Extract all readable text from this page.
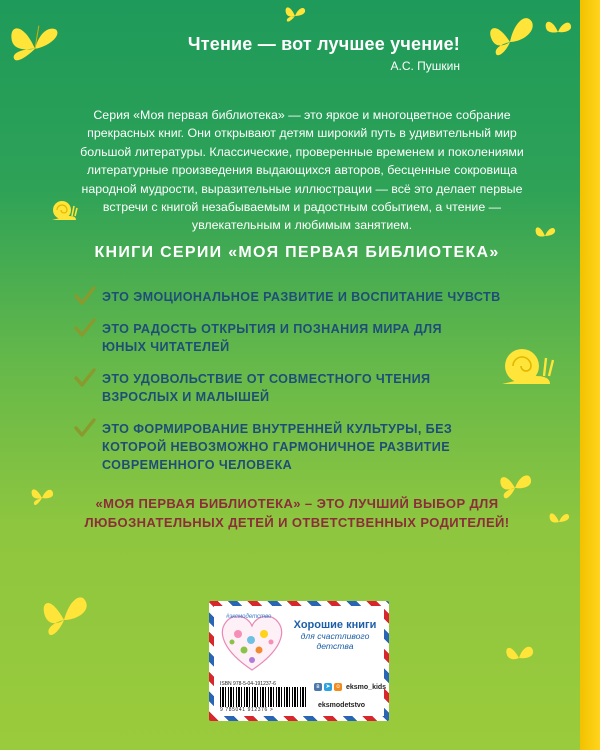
Чтение — вот лучшее учение!
А.С. Пушкин
Серия «Моя первая библиотека» — это яркое и многоцветное собрание прекрасных книг. Они открывают детям широкий путь в удивительный мир большой литературы. Классические, проверенные временем и поколениями литературные произведения выдающихся авторов, бесценные сокровища народной мудрости, выразительные иллюстрации — всё это делает первые встречи с книгой незабываемым и радостным событием, а чтение — увлекательным и любимым занятием.
КНИГИ СЕРИИ «МОЯ ПЕРВАЯ БИБЛИОТЕКА»
ЭТО ЭМОЦИОНАЛЬНОЕ РАЗВИТИЕ И ВОСПИТАНИЕ ЧУВСТВ
ЭТО РАДОСТЬ ОТКРЫТИЯ И ПОЗНАНИЯ МИРА ДЛЯ ЮНЫХ ЧИТАТЕЛЕЙ
ЭТО УДОВОЛЬСТВИЕ ОТ СОВМЕСТНОГО ЧТЕНИЯ ВЗРОСЛЫХ И МАЛЫШЕЙ
ЭТО ФОРМИРОВАНИЕ ВНУТРЕННЕЙ КУЛЬТУРЫ, БЕЗ КОТОРОЙ НЕВОЗМОЖНО ГАРМОНИЧНОЕ РАЗВИТИЕ СОВРЕМЕННОГО ЧЕЛОВЕКА
«МОЯ ПЕРВАЯ БИБЛИОТЕКА» – ЭТО ЛУЧШИЙ ВЫБОР ДЛЯ ЛЮБОЗНАТЕЛЬНЫХ ДЕТЕЙ И ОТВЕТСТВЕННЫХ РОДИТЕЛЕЙ!
#эксмодетство
Хорошие книги
для счастливого детства
ISBN 978-5-04-191237-6
9 785041 912376 >
в ➤ о eksmo_kids
eksmodetstvo
